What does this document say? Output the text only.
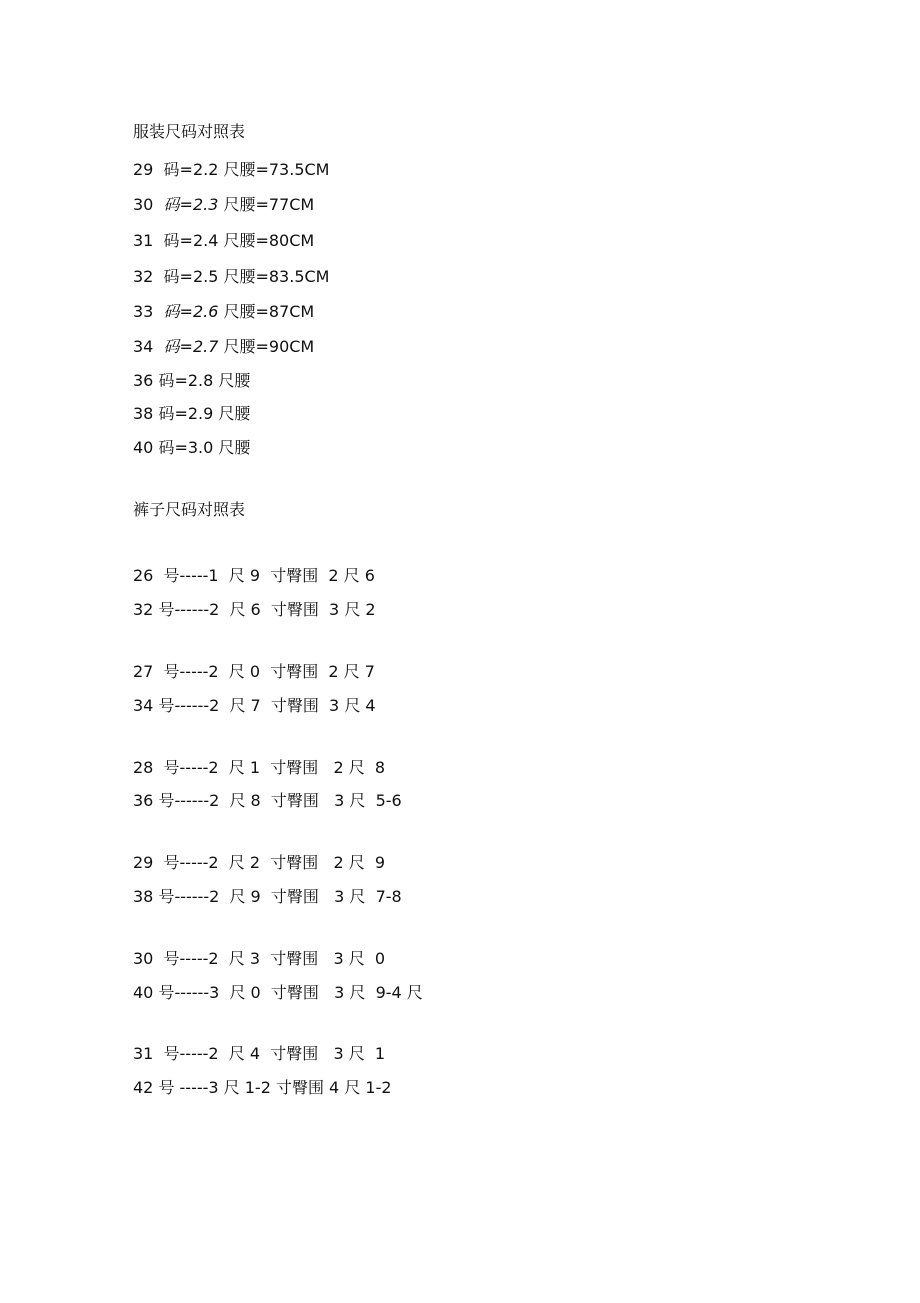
服装尺码对照表
29  码=2.2 尺腰=73.5CM
30  码=2.3 尺腰=77CM
31  码=2.4 尺腰=80CM
32  码=2.5 尺腰=83.5CM
33  码=2.6 尺腰=87CM
34  码=2.7 尺腰=90CM
36 码=2.8 尺腰
38 码=2.9 尺腰
40 码=3.0 尺腰
裤子尺码对照表
26  号-----1  尺 9  寸臀围  2 尺 6
32 号------2  尺 6  寸臀围  3 尺 2
27  号-----2  尺 0  寸臀围  2 尺 7
34 号------2  尺 7  寸臀围  3 尺 4
28  号-----2  尺 1  寸臀围   2 尺  8
36 号------2  尺 8  寸臀围   3 尺  5-6
29  号-----2  尺 2  寸臀围   2 尺  9
38 号------2  尺 9  寸臀围   3 尺  7-8
30  号-----2  尺 3  寸臀围   3 尺  0
40 号------3  尺 0  寸臀围   3 尺  9-4 尺
31  号-----2  尺 4  寸臀围   3 尺  1
42 号 -----3 尺 1-2 寸臀围 4 尺 1-2
